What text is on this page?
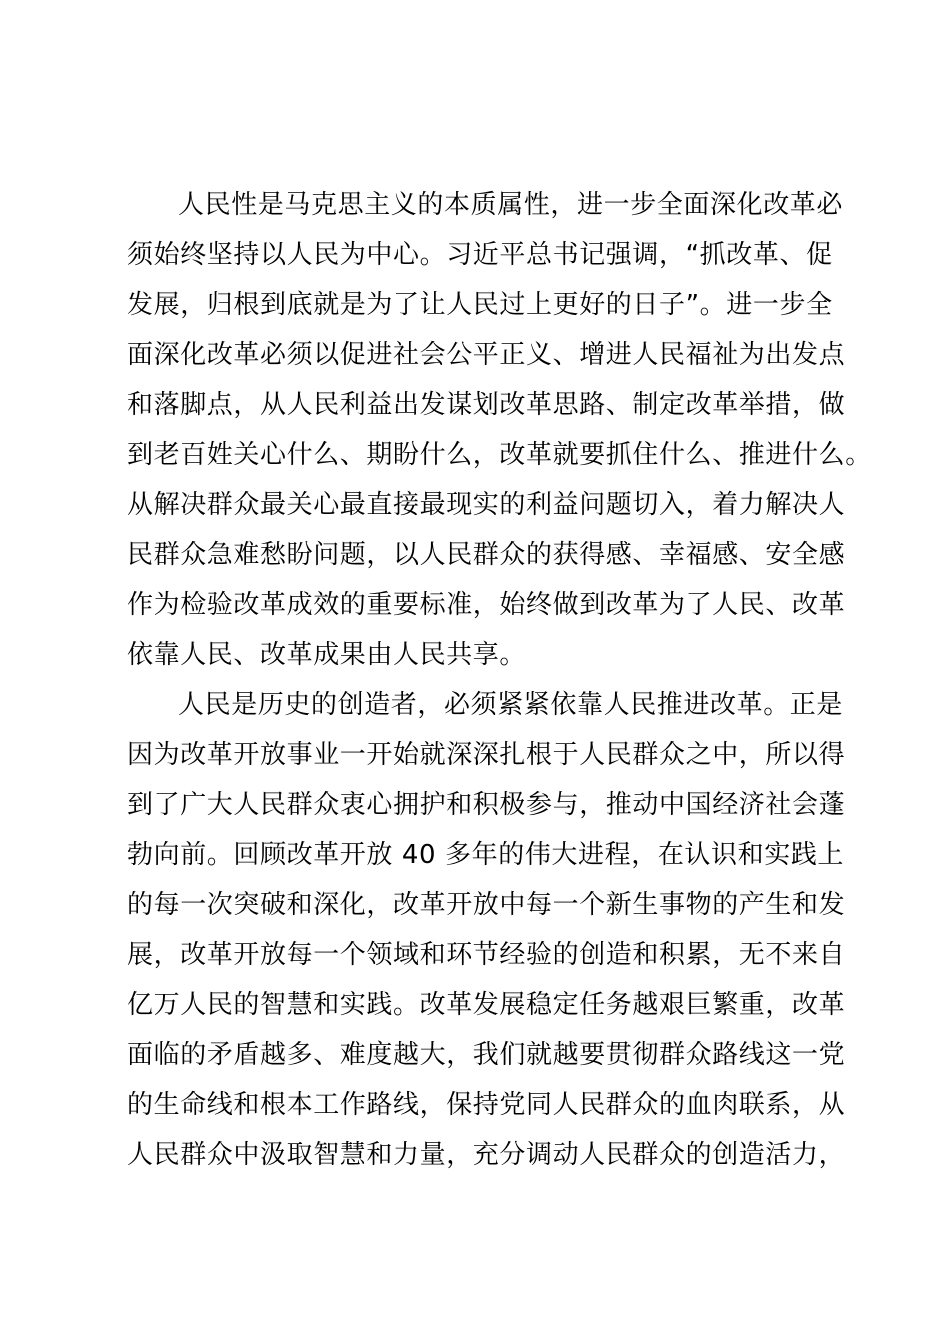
人民性是马克思主义的本质属性，进一步全面深化改革必

须始终坚持以人民为中心。习近平总书记强调，“抓改革、促

发展，归根到底就是为了让人民过上更好的日子”。进一步全

面深化改革必须以促进社会公平正义、增进人民福祉为出发点

和落脚点，从人民利益出发谋划改革思路、制定改革举措，做

到老百姓关心什么、期盼什么，改革就要抓住什么、推进什么。

从解决群众最关心最直接最现实的利益问题切入，着力解决人

民群众急难愁盼问题，以人民群众的获得感、幸福感、安全感

作为检验改革成效的重要标准，始终做到改革为了人民、改革

依靠人民、改革成果由人民共享。

人民是历史的创造者，必须紧紧依靠人民推进改革。正是

因为改革开放事业一开始就深深扎根于人民群众之中，所以得

到了广大人民群众衷心拥护和积极参与，推动中国经济社会蓬

勃向前。回顾改革开放 40 多年的伟大进程，在认识和实践上

的每一次突破和深化，改革开放中每一个新生事物的产生和发

展，改革开放每一个领域和环节经验的创造和积累，无不来自

亿万人民的智慧和实践。改革发展稳定任务越艰巨繁重，改革

面临的矛盾越多、难度越大，我们就越要贯彻群众路线这一党

的生命线和根本工作路线，保持党同人民群众的血肉联系，从

人民群众中汲取智慧和力量，充分调动人民群众的创造活力，
